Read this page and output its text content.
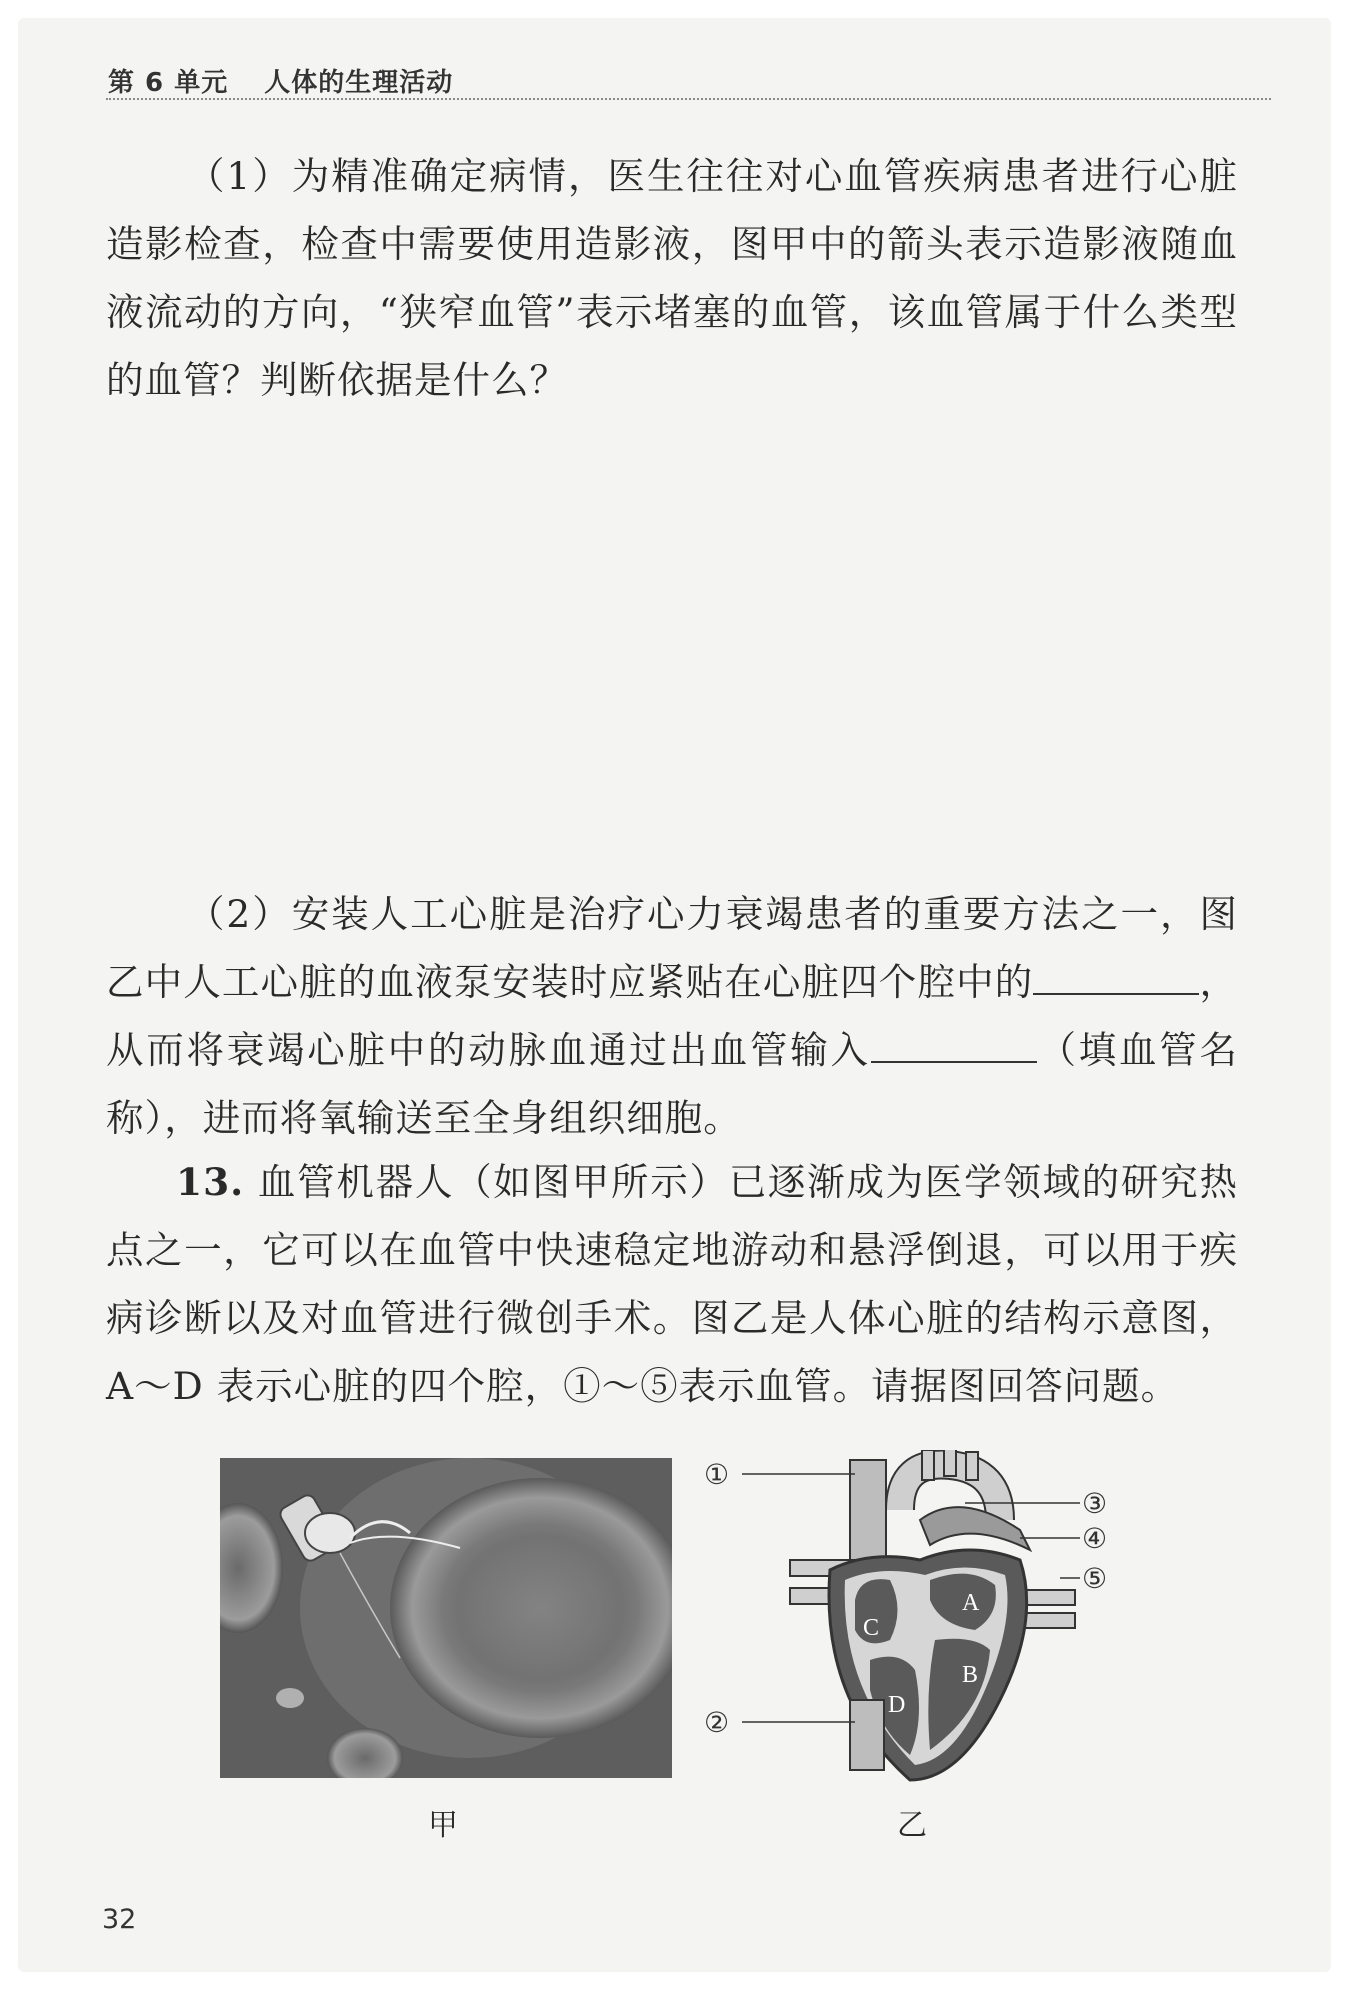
第 6 单元 人体的生理活动
（1）为精准确定病情，医生往往对心血管疾病患者进行心脏造影检查，检查中需要使用造影液，图甲中的箭头表示造影液随血液流动的方向，“狭窄血管”表示堵塞的血管，该血管属于什么类型的血管？判断依据是什么？
（2）安装人工心脏是治疗心力衰竭患者的重要方法之一，图乙中人工心脏的血液泵安装时应紧贴在心脏四个腔中的	，从而将衰竭心脏中的动脉血通过出血管输入	（填血管名称），进而将氧输送至全身组织细胞。
13. 血管机器人（如图甲所示）已逐渐成为医学领域的研究热点之一，它可以在血管中快速稳定地游动和悬浮倒退，可以用于疾病诊断以及对血管进行微创手术。图乙是人体心脏的结构示意图，A～D 表示心脏的四个腔，①～⑤表示血管。请据图回答问题。
甲
A
B
C
D
①
②
③
④
⑤
乙
32
